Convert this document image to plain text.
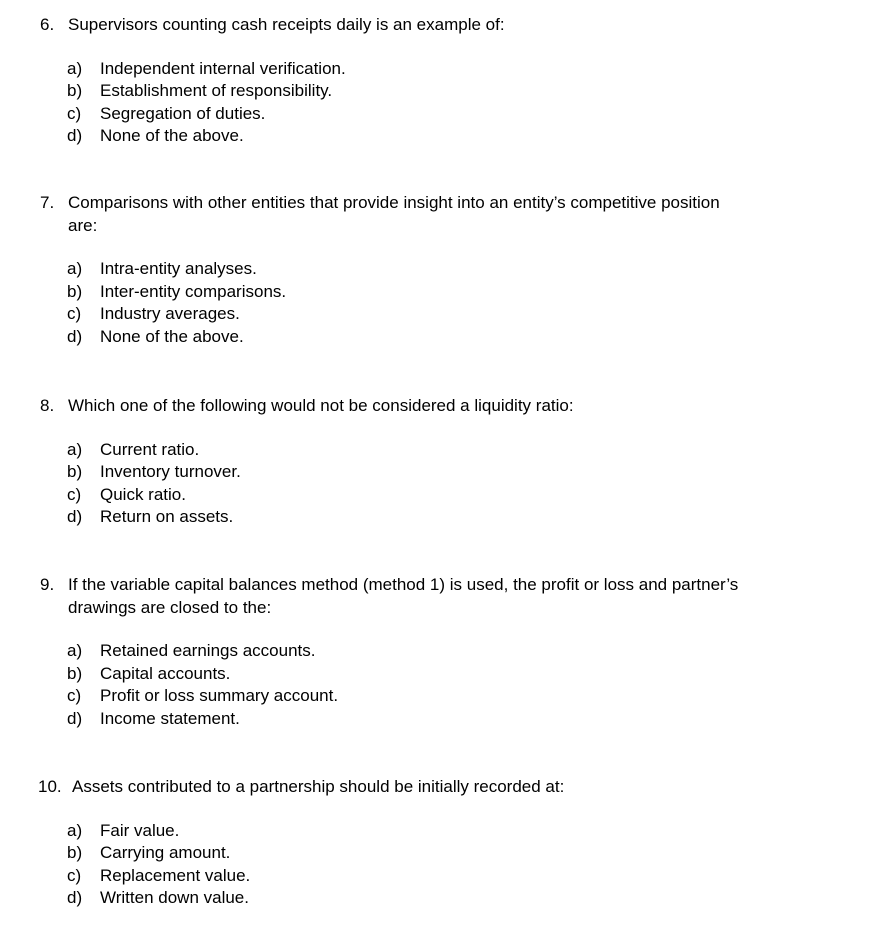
6. Supervisors counting cash receipts daily is an example of:
a) Independent internal verification.
b) Establishment of responsibility.
c) Segregation of duties.
d) None of the above.
7. Comparisons with other entities that provide insight into an entity’s competitive position
are:
a) Intra-entity analyses.
b) Inter-entity comparisons.
c) Industry averages.
d) None of the above.
8. Which one of the following would not be considered a liquidity ratio:
a) Current ratio.
b) Inventory turnover.
c) Quick ratio.
d) Return on assets.
9. If the variable capital balances method (method 1) is used, the profit or loss and partner’s
drawings are closed to the:
a) Retained earnings accounts.
b) Capital accounts.
c) Profit or loss summary account.
d) Income statement.
10. Assets contributed to a partnership should be initially recorded at:
a) Fair value.
b) Carrying amount.
c) Replacement value.
d) Written down value.
